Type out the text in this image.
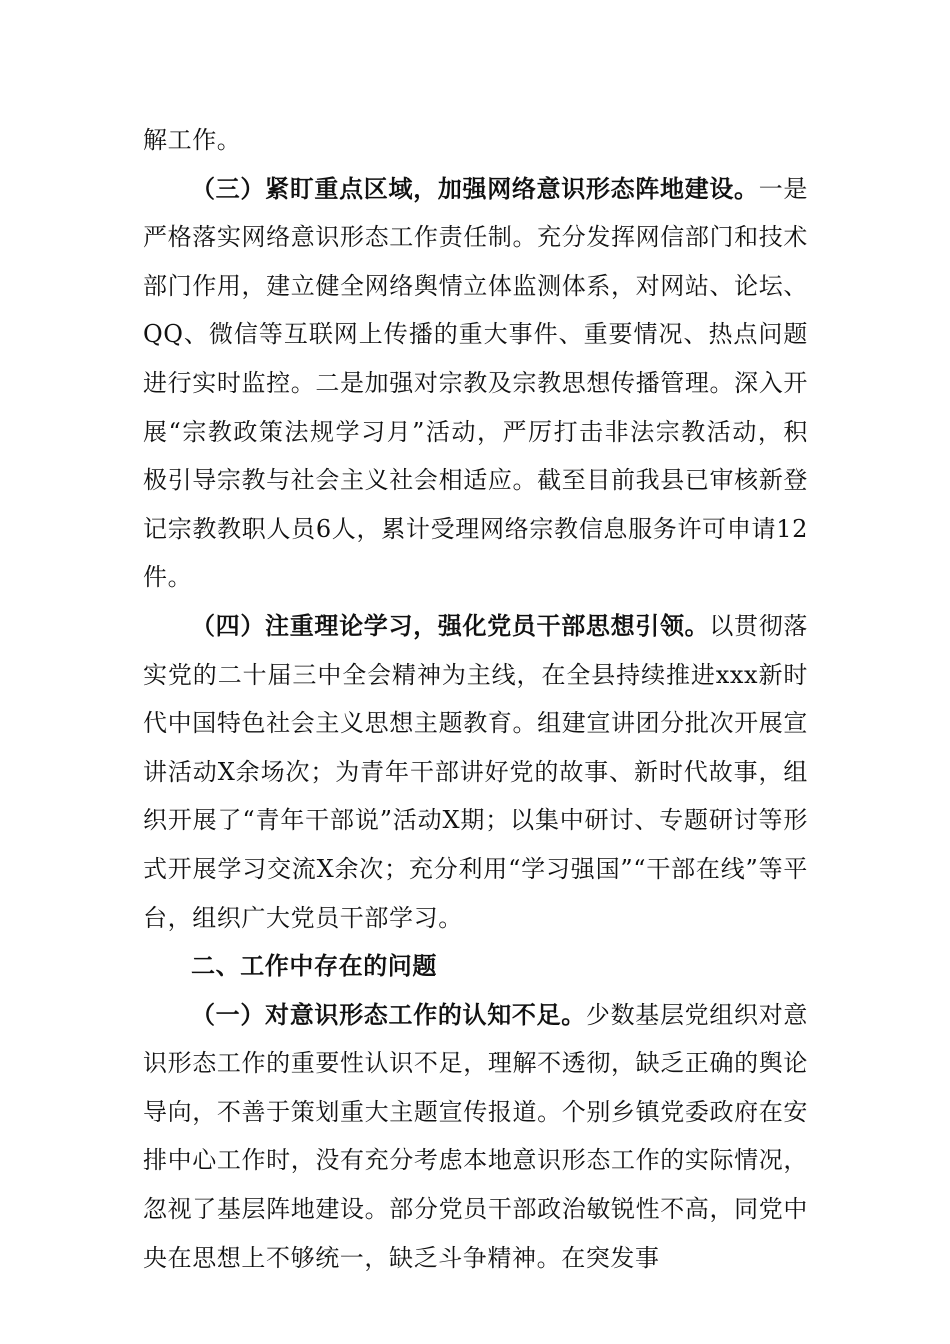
解工作。

（三）紧盯重点区域，加强网络意识形态阵地建设。一是严格落实网络意识形态工作责任制。充分发挥网信部门和技术部门作用，建立健全网络舆情立体监测体系，对网站、论坛、QQ、微信等互联网上传播的重大事件、重要情况、热点问题进行实时监控。二是加强对宗教及宗教思想传播管理。深入开展“宗教政策法规学习月”活动，严厉打击非法宗教活动，积极引导宗教与社会主义社会相适应。截至目前我县已审核新登记宗教教职人员6人，累计受理网络宗教信息服务许可申请12件。

（四）注重理论学习，强化党员干部思想引领。以贯彻落实党的二十届三中全会精神为主线，在全县持续推进xxx新时代中国特色社会主义思想主题教育。组建宣讲团分批次开展宣讲活动X余场次；为青年干部讲好党的故事、新时代故事，组织开展了“青年干部说”活动X期；以集中研讨、专题研讨等形式开展学习交流X余次；充分利用“学习强国”“干部在线”等平台，组织广大党员干部学习。

二、工作中存在的问题

（一）对意识形态工作的认知不足。少数基层党组织对意识形态工作的重要性认识不足，理解不透彻，缺乏正确的舆论导向，不善于策划重大主题宣传报道。个别乡镇党委政府在安排中心工作时，没有充分考虑本地意识形态工作的实际情况，忽视了基层阵地建设。部分党员干部政治敏锐性不高，同党中央在思想上不够统一，缺乏斗争精神。在突发事
